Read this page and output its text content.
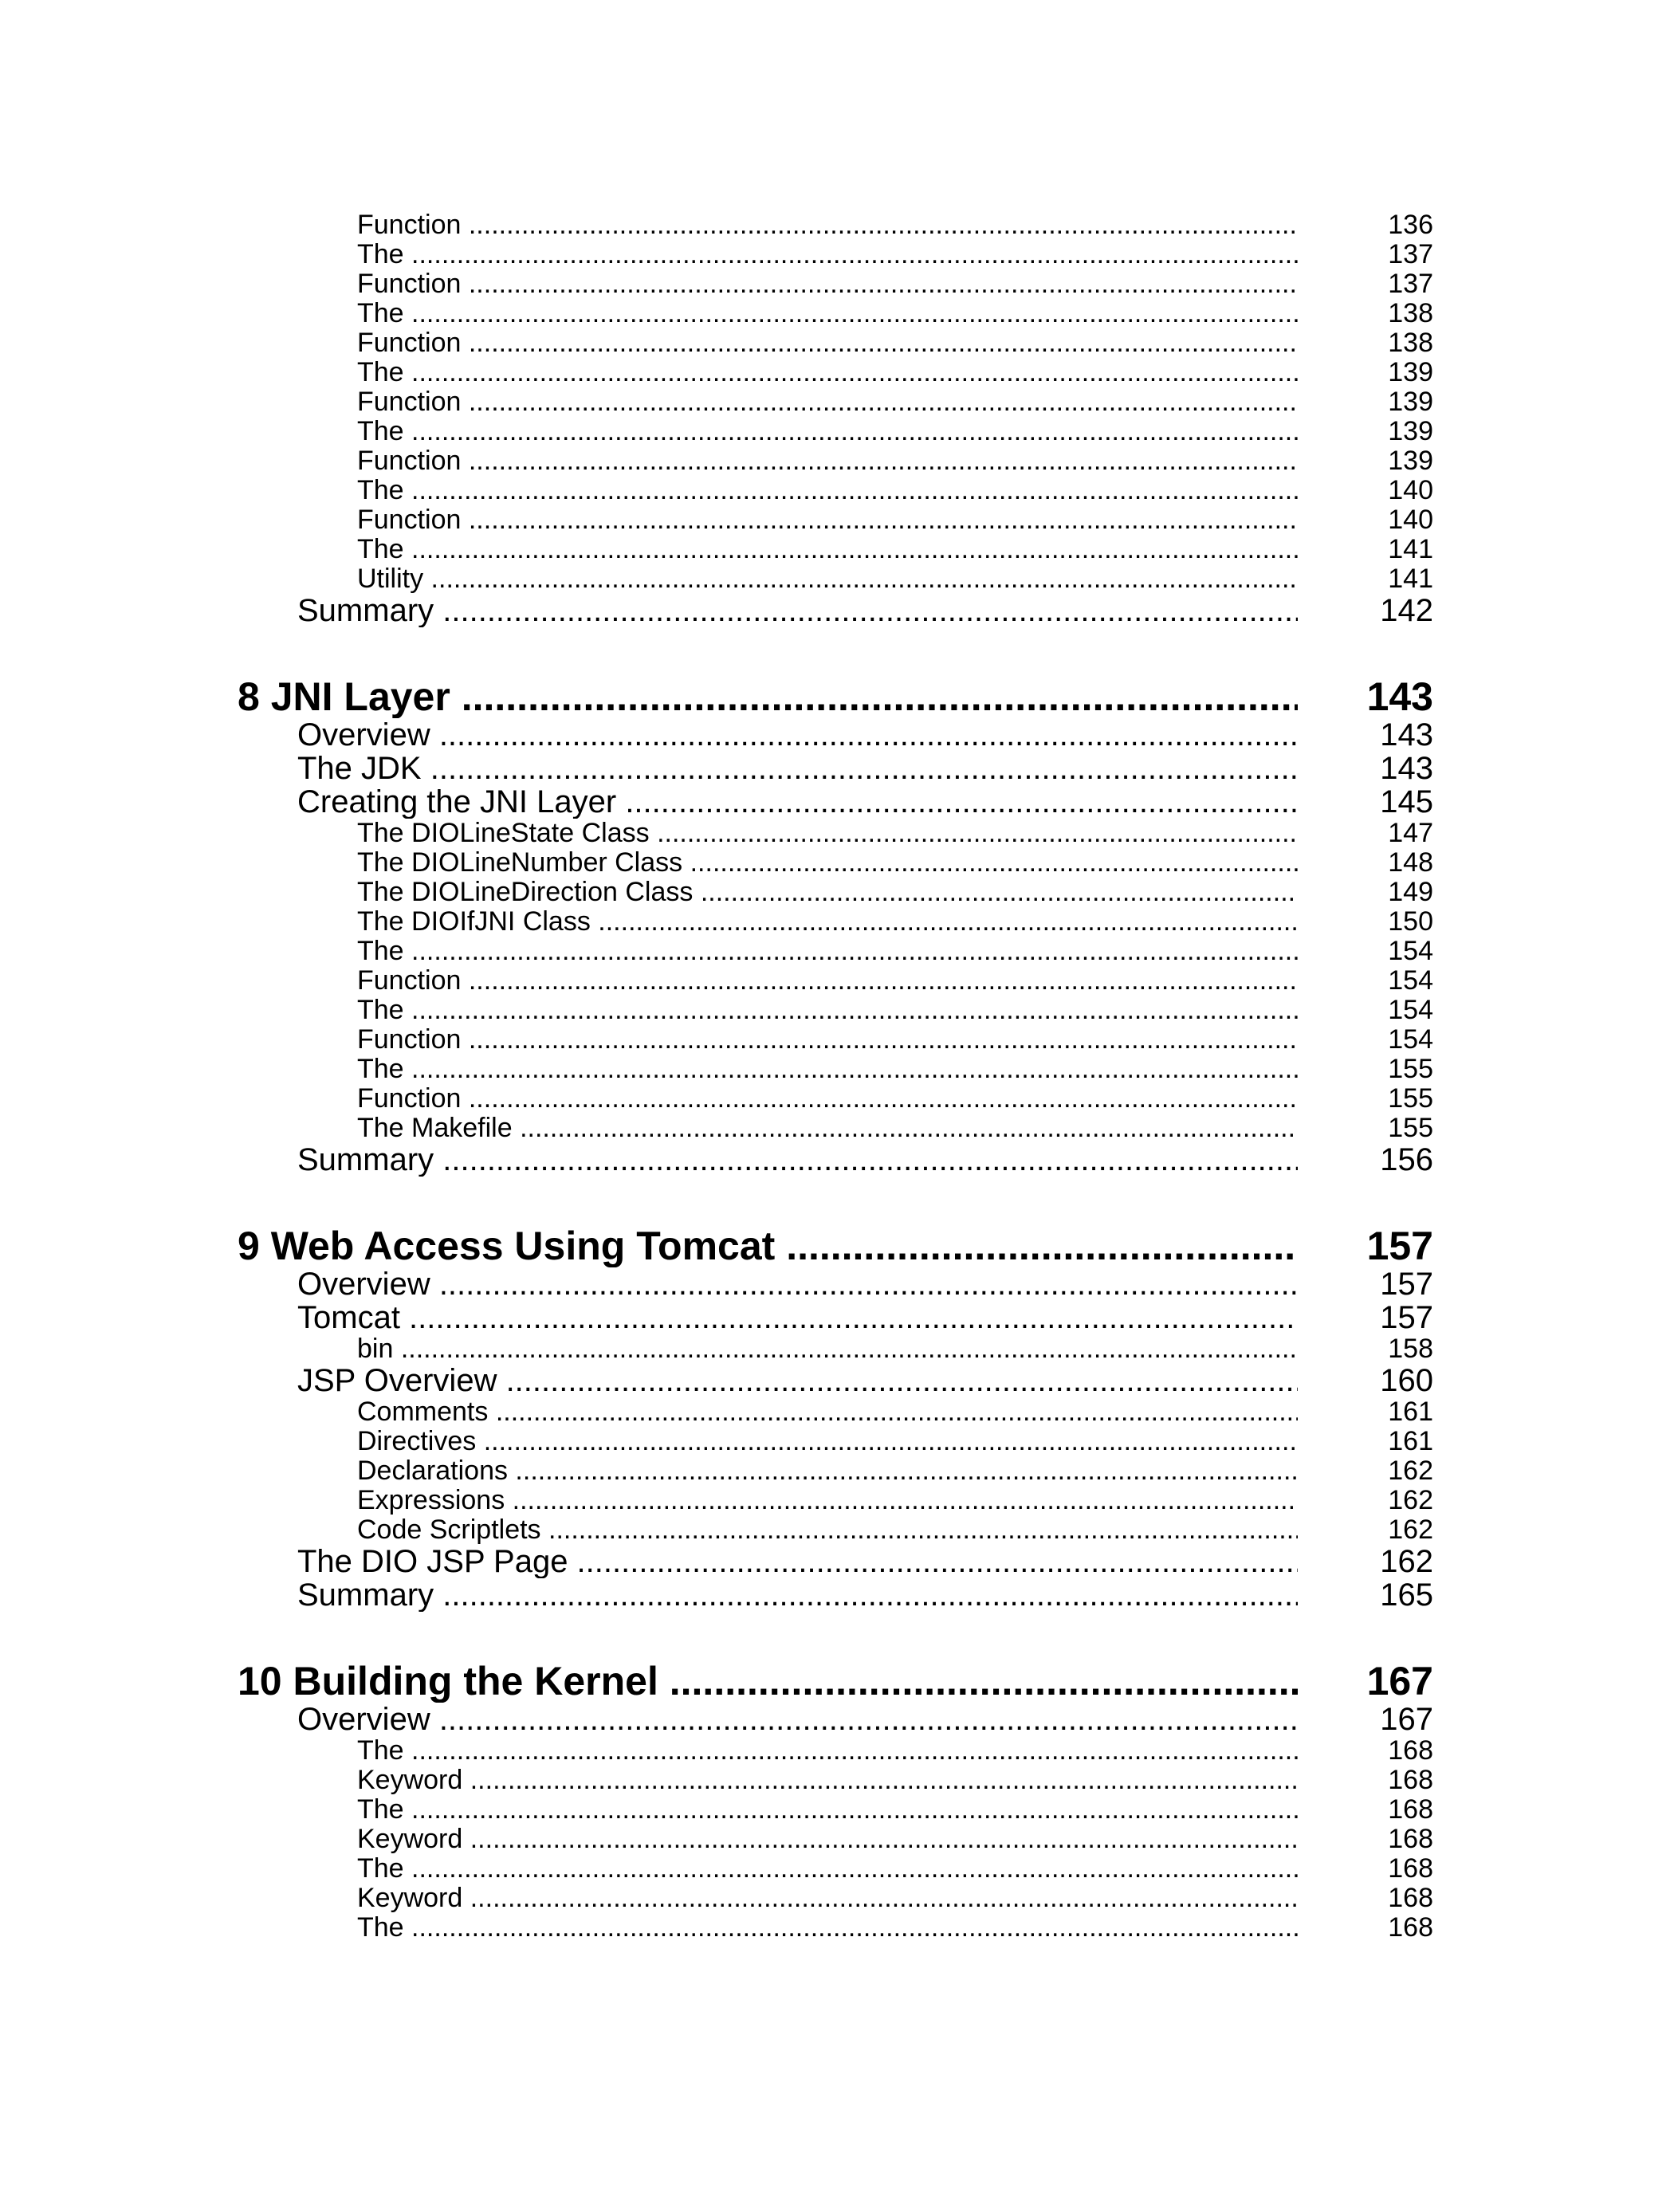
Function .....	136
The .....	137
Function .....	137
The .....	138
Function .....	138
The .....	139
Function .....	139
The .....	139
Function .....	139
The .....	140
Function .....	140
The .....	141
Utility .....	141
Summary .....	142
8 JNI Layer .....	143
Overview .....	143
The JDK .....	143
Creating the JNI Layer .....	145
The DIOLineState Class .....	147
The DIOLineNumber Class .....	148
The DIOLineDirection Class .....	149
The DIOIfJNI Class .....	150
The .....	154
Function .....	154
The .....	154
Function .....	154
The .....	155
Function .....	155
The Makefile .....	155
Summary .....	156
9 Web Access Using Tomcat .....	157
Overview .....	157
Tomcat .....	157
bin .....	158
JSP Overview .....	160
Comments .....	161
Directives .....	161
Declarations .....	162
Expressions .....	162
Code Scriptlets .....	162
The DIO JSP Page .....	162
Summary .....	165
10 Building the Kernel .....	167
Overview .....	167
The .....	168
Keyword .....	168
The .....	168
Keyword .....	168
The .....	168
Keyword .....	168
The .....	168
